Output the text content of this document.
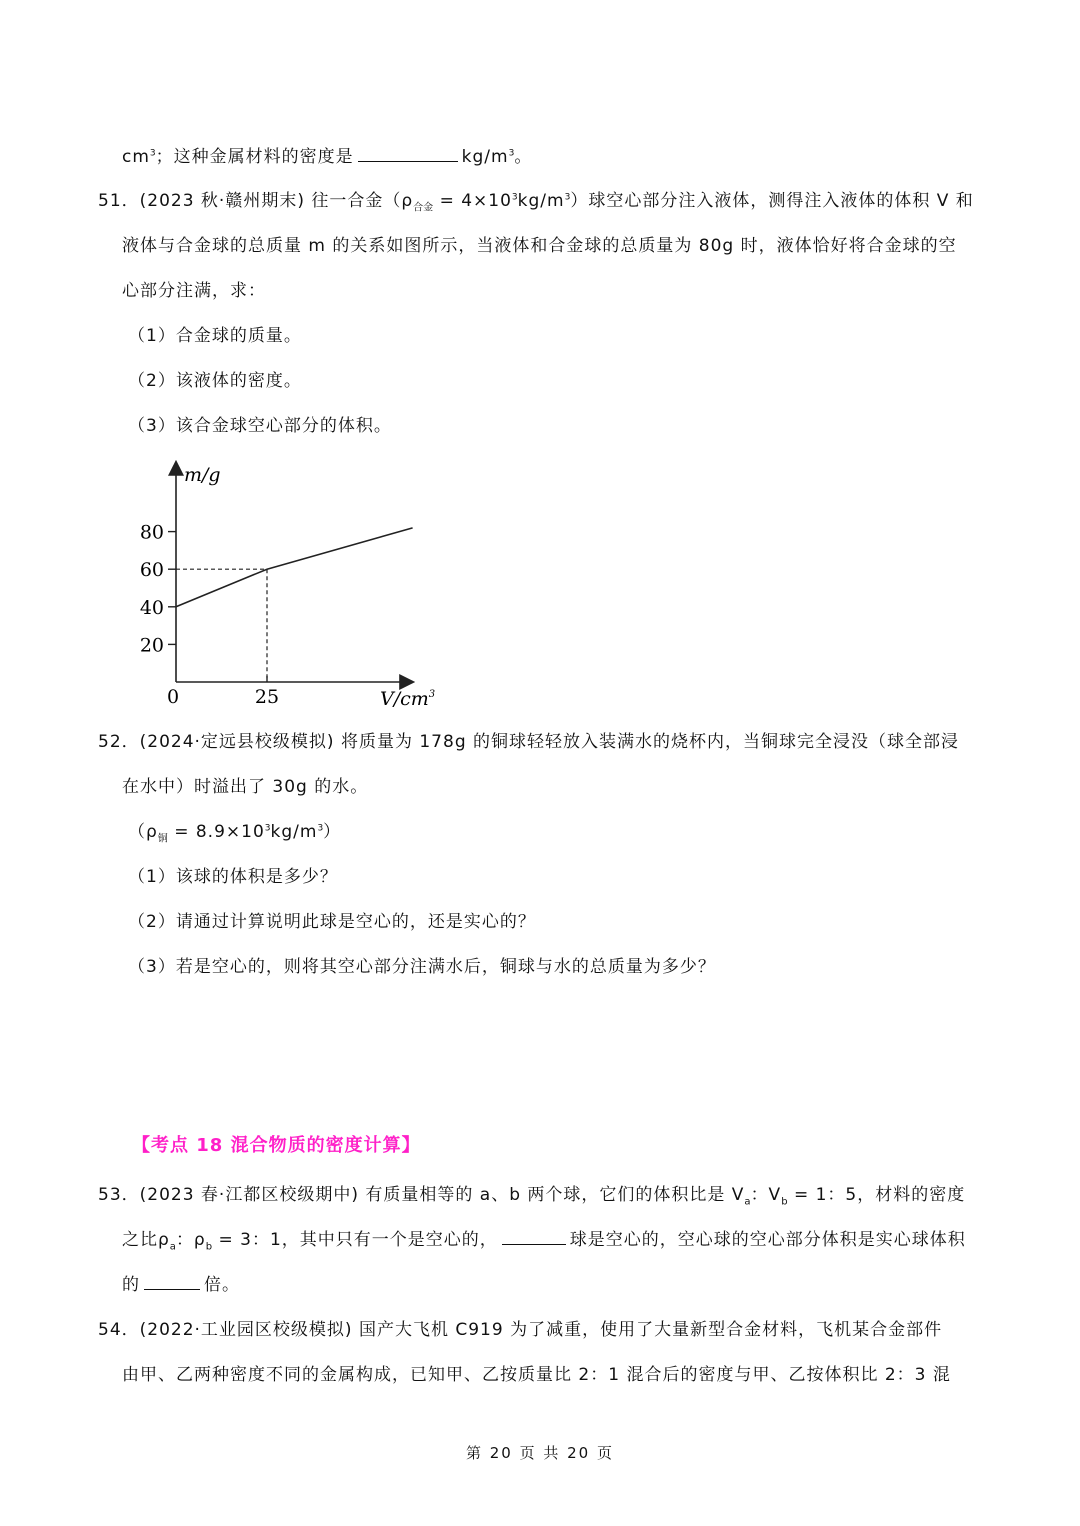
$cm^3$；这种金属材料的密度是	$kg/m^3$。
51．(2023 秋·赣州期末) 往一合金$(\rho_{合金} = 4\times 10^3kg/m^3)$球空心部分注入液体，测得注入液体的体积 V 和
液体与合金球的总质量 m 的关系如图所示，当液体和合金球的总质量为 80g 时，液体恰好将合金球的空
心部分注满，求：
（1）合金球的质量。
（2）该液体的密度。
（3）该合金球空心部分的体积。
m/g
$V/cm^3$
80
60
40
20
0	25
52．(2024·定远县校级模拟) 将质量为 178g 的铜球轻轻放入装满水的烧杯内，当铜球完全浸没（球全部浸
在水中）时溢出了 30g 的水。
$(\rho_铜 = 8.9\times 10^3kg/m^3)$
（1）该球的体积是多少？
（2）请通过计算说明此球是空心的，还是实心的？
（3）若是空心的，则将其空心部分注满水后，铜球与水的总质量为多少？
【考点 18 混合物质的密度计算】
53．(2023 春·江都区校级期中) 有质量相等的 a、b 两个球，它们的体积比是 $V_a$：$V_b = 1$：5，材料的密度
之比$\rho_a$：$\rho_b = 3$：1，其中只有一个是空心的，	球是空心的，空心球的空心部分体积是实心球体积
的	倍。
54．(2022·工业园区校级模拟) 国产大飞机 C919 为了减重，使用了大量新型合金材料，飞机某合金部件
由甲、乙两种密度不同的金属构成，已知甲、乙按质量比 2：1 混合后的密度与甲、乙按体积比 2：3 混
第 20 页 共 20 页
